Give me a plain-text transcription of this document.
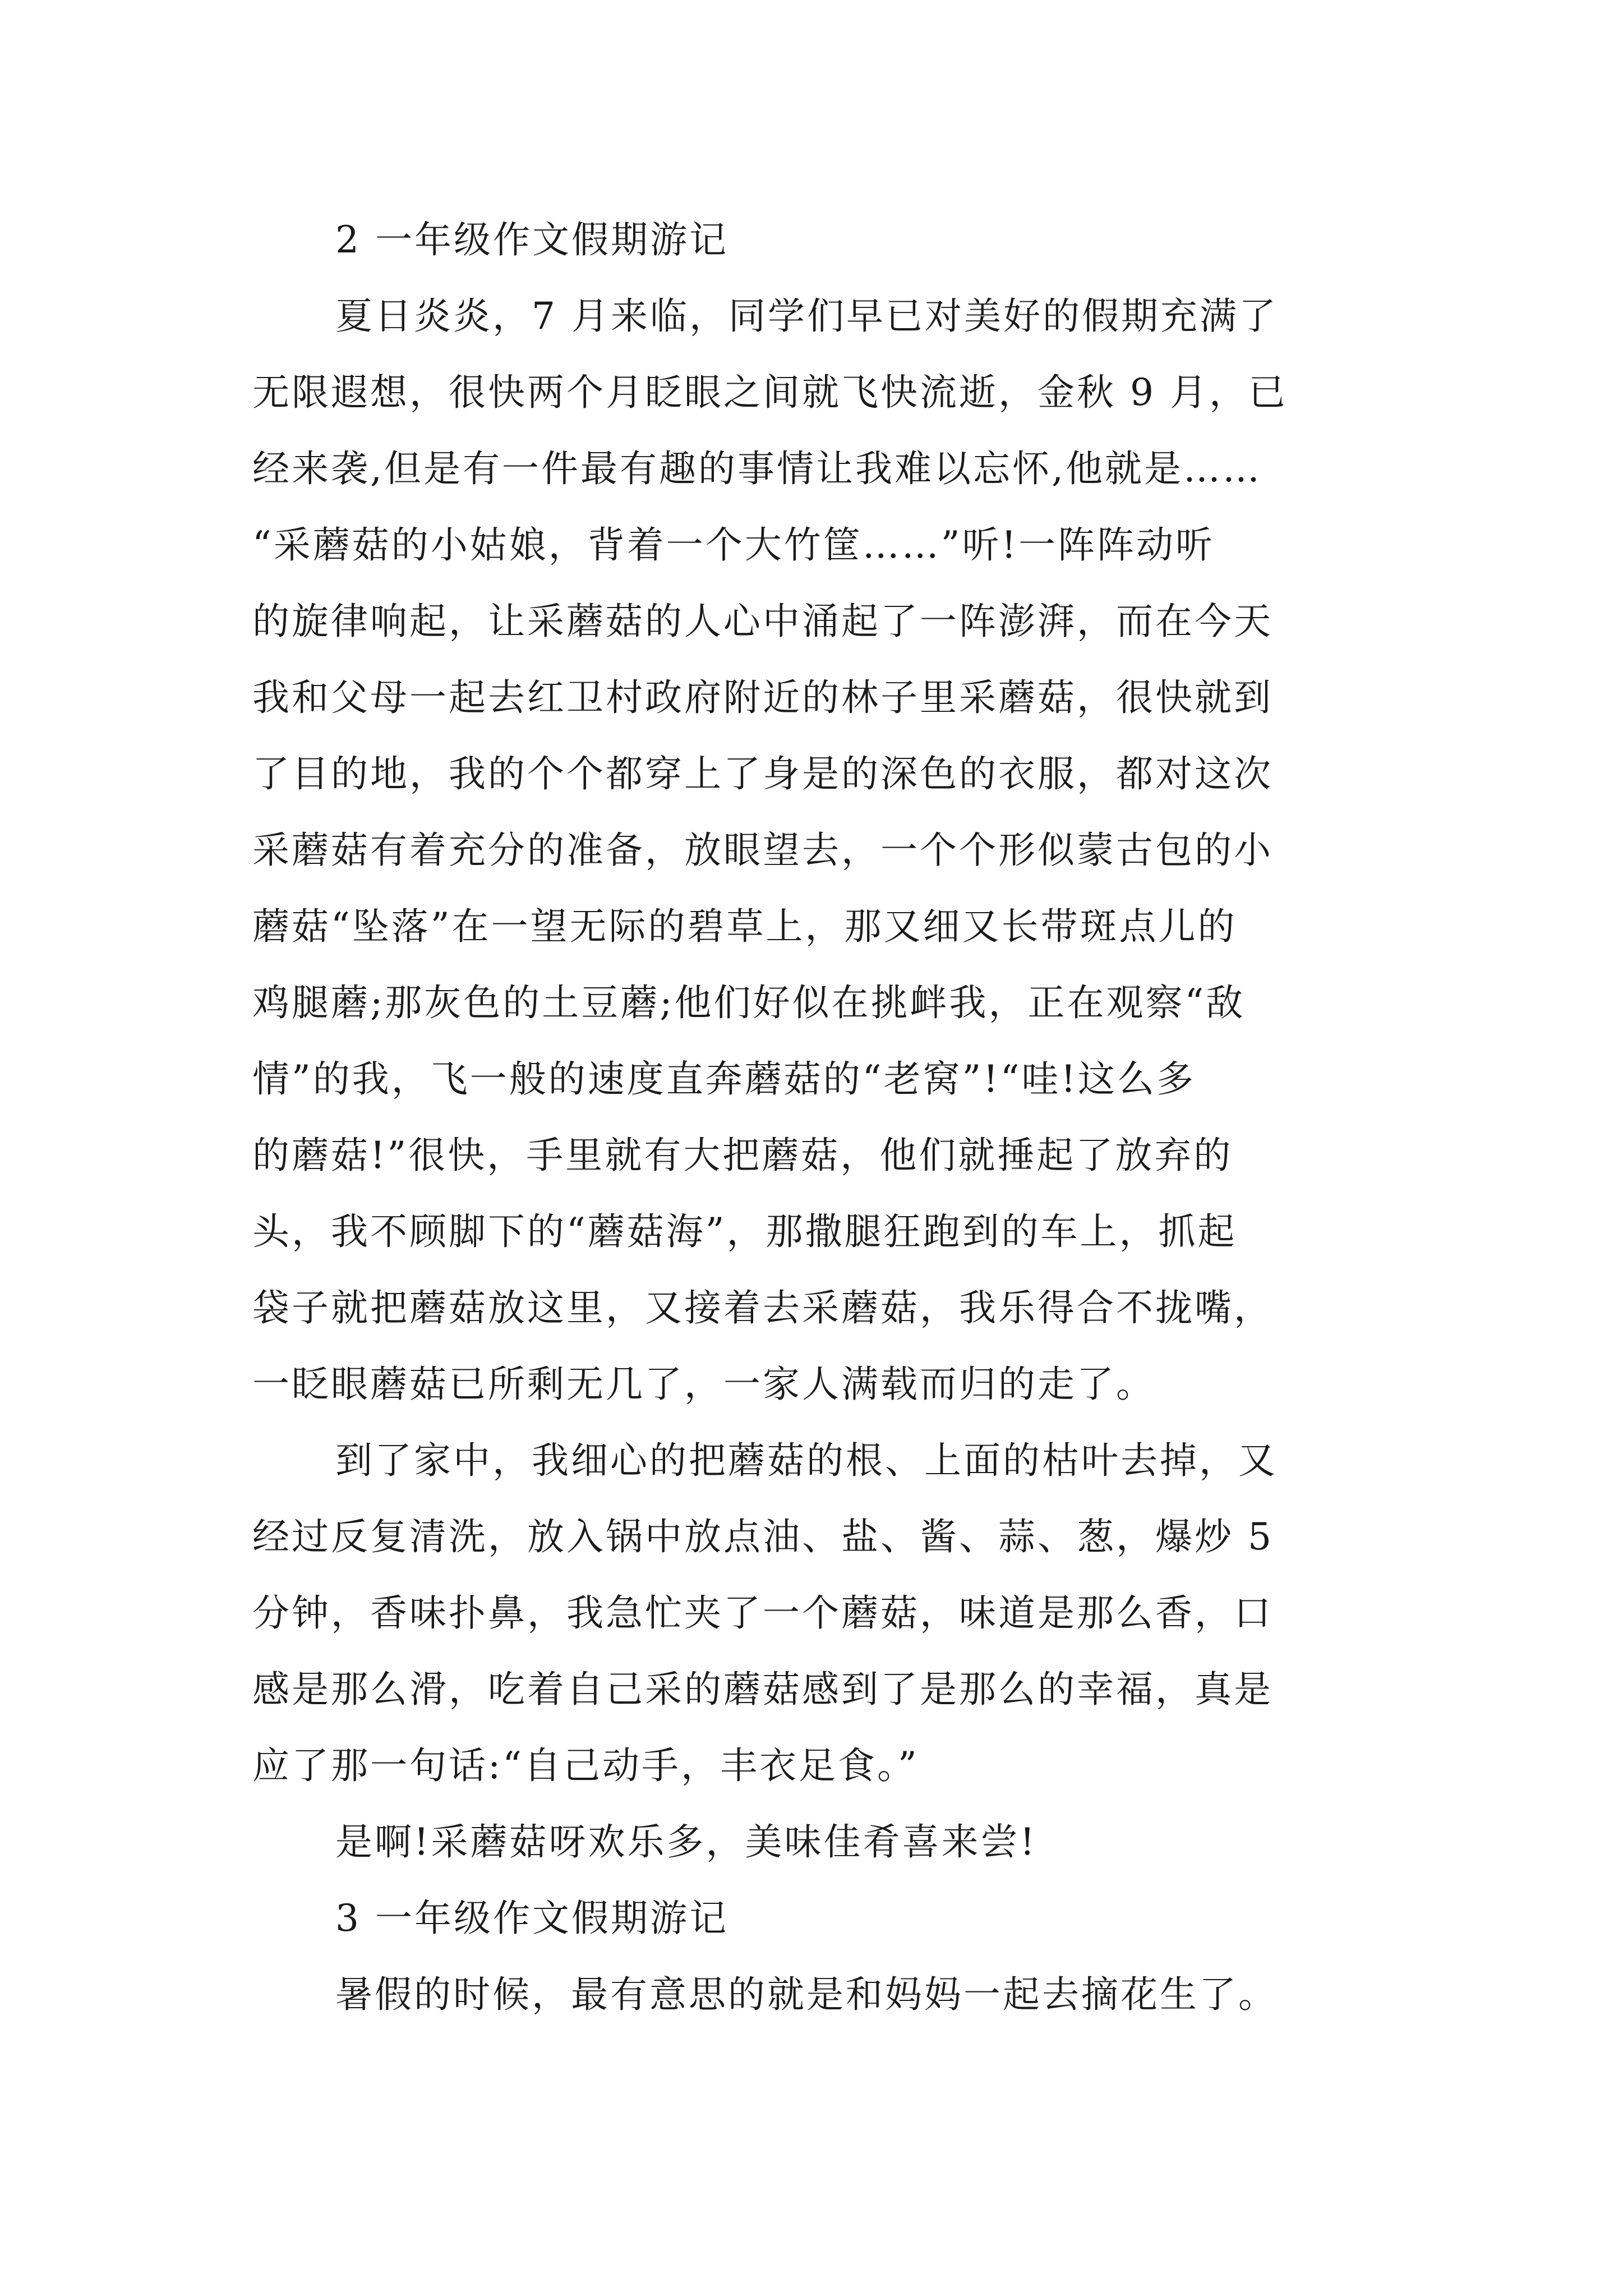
2 一年级作文假期游记
夏日炎炎，7 月来临，同学们早已对美好的假期充满了
无限遐想，很快两个月眨眼之间就飞快流逝，金秋 9 月，已
经来袭,但是有一件最有趣的事情让我难以忘怀,他就是……
“采蘑菇的小姑娘，背着一个大竹筐……”听!一阵阵动听
的旋律响起，让采蘑菇的人心中涌起了一阵澎湃，而在今天
我和父母一起去红卫村政府附近的林子里采蘑菇，很快就到
了目的地，我的个个都穿上了身是的深色的衣服，都对这次
采蘑菇有着充分的准备，放眼望去，一个个形似蒙古包的小
蘑菇“坠落”在一望无际的碧草上，那又细又长带斑点儿的
鸡腿蘑;那灰色的土豆蘑;他们好似在挑衅我，正在观察“敌
情”的我，飞一般的速度直奔蘑菇的“老窝”!“哇!这么多
的蘑菇!”很快，手里就有大把蘑菇，他们就捶起了放弃的
头，我不顾脚下的“蘑菇海”，那撒腿狂跑到的车上，抓起
袋子就把蘑菇放这里，又接着去采蘑菇，我乐得合不拢嘴，
一眨眼蘑菇已所剩无几了，一家人满载而归的走了。
到了家中，我细心的把蘑菇的根、上面的枯叶去掉，又
经过反复清洗，放入锅中放点油、盐、酱、蒜、葱，爆炒 5
分钟，香味扑鼻，我急忙夹了一个蘑菇，味道是那么香，口
感是那么滑，吃着自己采的蘑菇感到了是那么的幸福，真是
应了那一句话:“自己动手，丰衣足食。”
是啊!采蘑菇呀欢乐多，美味佳肴喜来尝!
3 一年级作文假期游记
暑假的时候，最有意思的就是和妈妈一起去摘花生了。
